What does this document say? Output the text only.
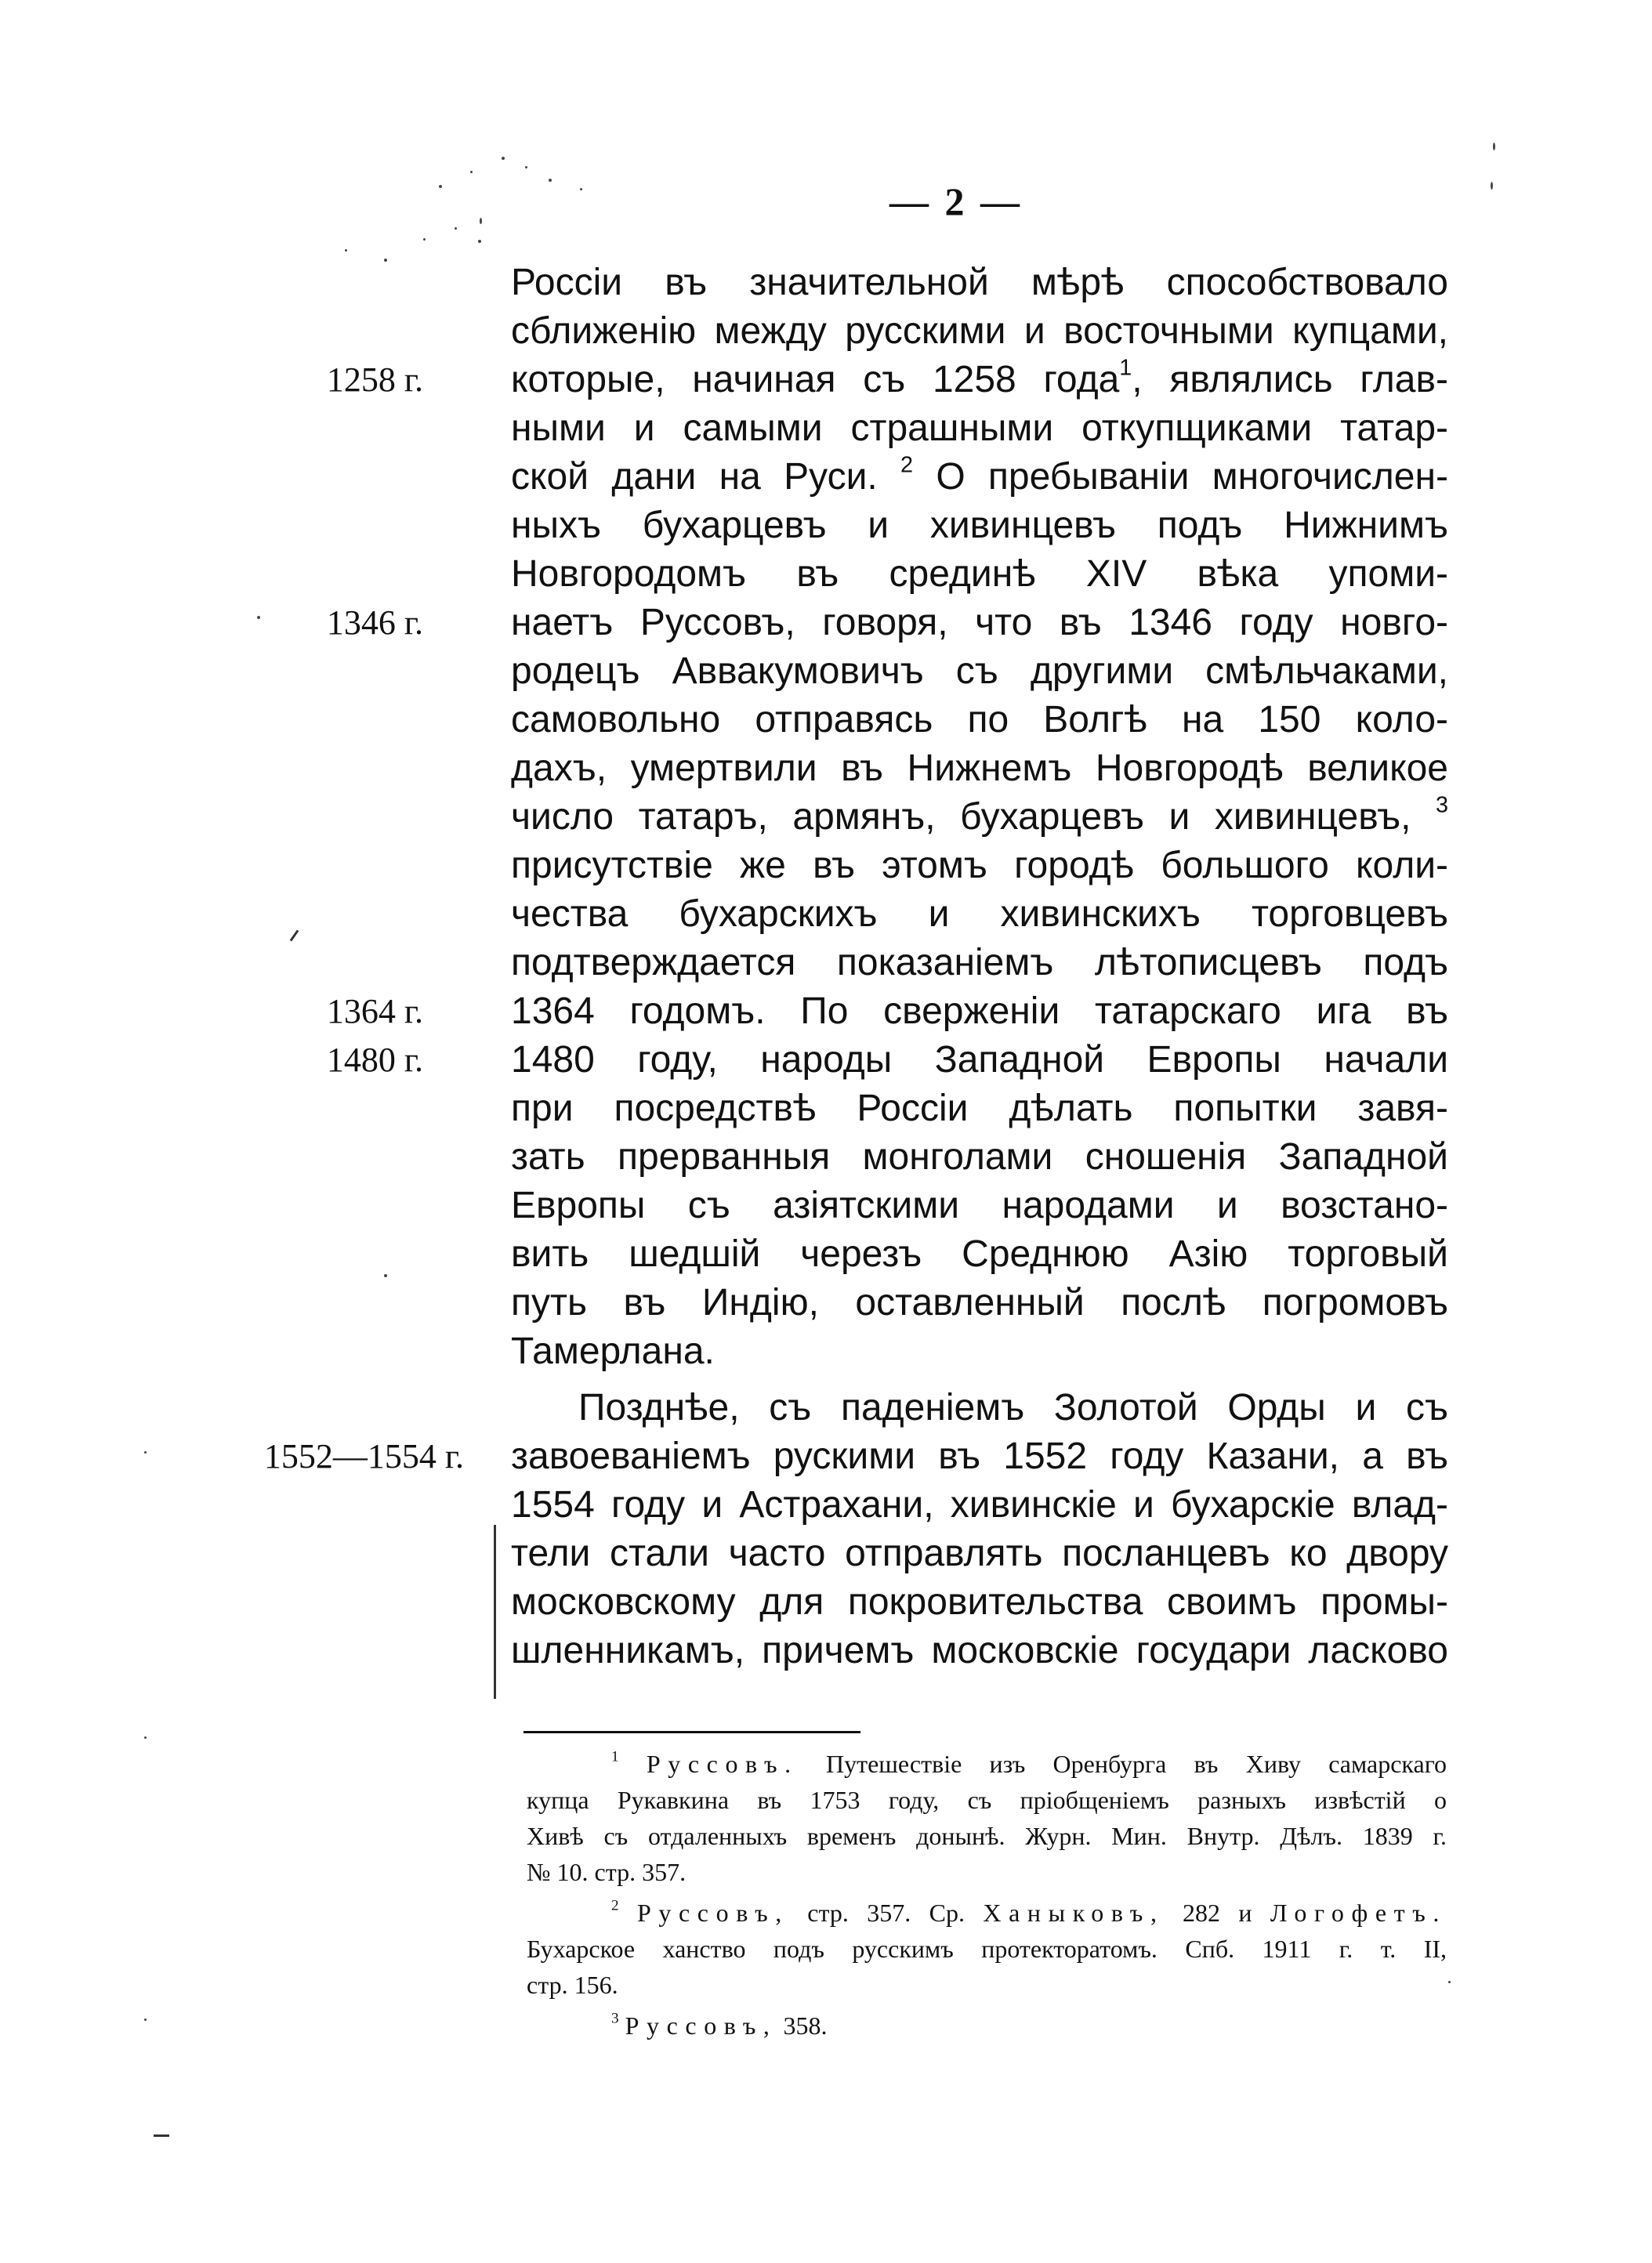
— 2 —
Россіи въ значительной мѣрѣ способствовало
сближенію между русскими и восточными купцами,
которые, начиная съ 1258 года$^1$, являлись глав-
ными и самыми страшными откупщиками татар-
ской дани на Руси. $^2$ О пребываніи многочислен-
ныхъ бухарцевъ и хивинцевъ подъ Нижнимъ
Новгородомъ въ срединѣ XIV вѣка упоми-
наетъ Руссовъ, говоря, что въ 1346 году новго-
родецъ Аввакумовичъ съ другими смѣльчаками,
самовольно отправясь по Волгѣ на 150 коло-
дахъ, умертвили въ Нижнемъ Новгородѣ великое
число татаръ, армянъ, бухарцевъ и хивинцевъ, $^3$
присутствіе же въ этомъ городѣ большого коли-
чества бухарскихъ и хивинскихъ торговцевъ
подтверждается показаніемъ лѣтописцевъ подъ
1364 годомъ. По сверженіи татарскаго ига въ
1480 году, народы Западной Европы начали
при посредствѣ Россіи дѣлать попытки завя-
зать прерванныя монголами сношенія Западной
Европы съ азіятскими народами и возстано-
вить шедшій черезъ Среднюю Азію торговый
путь въ Индію, оставленный послѣ погромовъ
Тамерлана.
Позднѣе, съ паденіемъ Золотой Орды и съ
завоеваніемъ рускими въ 1552 году Казани, а въ
1554 году и Астрахани, хивинскіе и бухарскіе влад-
тели стали часто отправлять посланцевъ ко двору
московскому для покровительства своимъ промы-
шленникамъ, причемъ московскіе государи ласково
1258 г.
1346 г.
1364 г.
1480 г.
1552—1554 г.
$^1$ Руссовъ. Путешествіе изъ Оренбурга въ Хиву самарскаго
купца Рукавкина въ 1753 году, съ пріобщеніемъ разныхъ извѣстій о
Хивѣ съ отдаленныхъ временъ донынѣ. Журн. Мин. Внутр. Дѣлъ. 1839 г.
№ 10. стр. 357.
$^2$ Руссовъ, стр. 357. Ср. Ханыковъ, 282 и Логофетъ.
Бухарское ханство подъ русскимъ протекторатомъ. Спб. 1911 г. т. II,
стр. 156.
$^3$ Руссовъ, 358.
